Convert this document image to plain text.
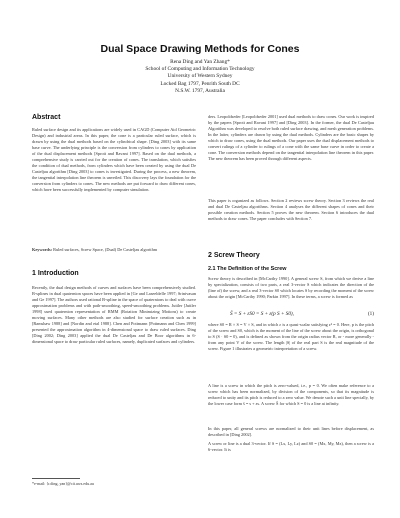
Dual Space Drawing Methods for Cones
Rena Ding and Yan Zhang*
School of Computing and Information Technology
University of Western Sydney
Locked Bag 1797, Penrith South DC
N.S.W. 1797, Australia
Abstract
Ruled surface design and its applications are widely used in CAGD (Computer Aid Geometric Design) and industrial areas. In this paper, the cone is a particular ruled surface, which is drawn by using the dual methods based on the cylindrical shape. [Ding 2003] with its same base curve. The underlying principle is the conversion from cylinders to cones by application of the dual displacement methods [Sprott and Ravani 1997]. Based on the dual methods, a comprehensive study is carried out for the creation of cones. The translation, which satisfies the condition of dual methods, from cylinders which have been created by using the dual De Casteljau algorithm [Ding 2003] to cones is investigated. During the process, a new theorem, the tangential interpolation line theorem is unveiled. This discovery lays the foundation for the conversion from cylinders to cones. The new methods are put forward to draw different cones, which have been successfully implemented by computer simulation.
Keywords: Ruled surfaces, Screw Space, (Dual) De Casteljau algorithm
1 Introduction
Recently, the dual design methods of curves and surfaces have been comprehensively studied. B-splines in dual quaternion spaces have been applied in [Ge and Laseeldelle 1997; Srinivasan and Ge 1997]. The authors used rational B-spline in the space of quaternions to deal with curve approximation problems and with path-smoothing, speed-smoothing problems. Juttler [Juttler 1998] used quaternion representation of RMM (Rotation Minimizing Motions) to create moving surfaces. Many other methods are also studied for surface creation such as in [Ramshaw 1988] and [Nordin and etal 1988]. Chen and Pottmann [Pottmann and Chen 1999] presented the approximation algorithm in 4-dimensional space to draw ruled surfaces. Ding [Ding 2002; Ding 2003] applied the dual De Casteljau and De Boor algorithms in 6-dimensional space to draw particular ruled surfaces, namely, duplicated surfaces and cylinders.
*e-mail: {r.ding, yan}@cit.uws.edu.au
ders. Leopoldseder [Leopoldseder 2001] used dual methods to draw cones. Our work is inspired by the papers [Sprott and Ravani 1997] and [Ding 2003]. In the former, the dual De Casteljau Algorithm was developed to resolve both ruled surface drawing, and mesh generation problems. In the latter, cylinders are drawn by using the dual methods. Cylinders are the basic shapes by which to draw cones, using the dual methods. Our paper uses the dual displacement methods to convert rulings of a cylinder to rulings of a cone with the same base curve in order to create a cone. The conversion methods depend on the tangential interpolation line theorem in this paper. The new theorem has been proved through different aspects.
This paper is organized as follows. Section 2 reviews screw theory. Section 3 reviews the real and dual De Casteljau algorithms. Section 4 analyses the different shapes of cones and their possible creation methods. Section 5 proves the new theorem. Section 6 introduces the dual methods to draw cones. The paper concludes with Section 7.
2 Screw Theory
2.1 The Definition of the Screw
Screw theory is described in [McCarthy 1990]. A general screw S, from which we derive a line by specialization, consists of two parts, a real 3-vector S which indicates the direction of the (line of) the screw, and a real 3-vector S0 which locates S by recording the moment of the screw about the origin [McCarthy 1990; Parkin 1997]. In these terms, a screw is formed as
Ŝ = S + εS0 = S + ε(p S + S0),	(1)
where S0 = R × S = V × S, and in which ε is a quasi-scalar satisfying ε² = 0. Here, p is the pitch of the screw and S0, which is the moment of the line of the screw about the origin, is orthogonal to S (S · S0 = 0), and is defined as shown from the origin radius vector R, or - more generally - from any point V of the screw. The length |S| of the real part S is the real magnitude of the screw. Figure 1 illustrates a geometric interpretation of a screw.
A line is a screw in which the pitch is zero-valued, i.e., p = 0. We often make reference to a screw which has been normalized, by division of the components, so that its magnitude is reduced to unity and its pitch is reduced to a zero value. We denote such a unit line specially, by the lower case form ŝ = s + εs. A screw Ŝ for which S = 0 is a line at infinity.
In this paper, all general screws are normalized to their unit lines before displacement, as described in [Ding 2002].
A screw or line is a dual 3-vector. If S = (Lx, Ly, Lz) and S0 = (Mx, My, Mz), then a screw is a 6-vector. It is
